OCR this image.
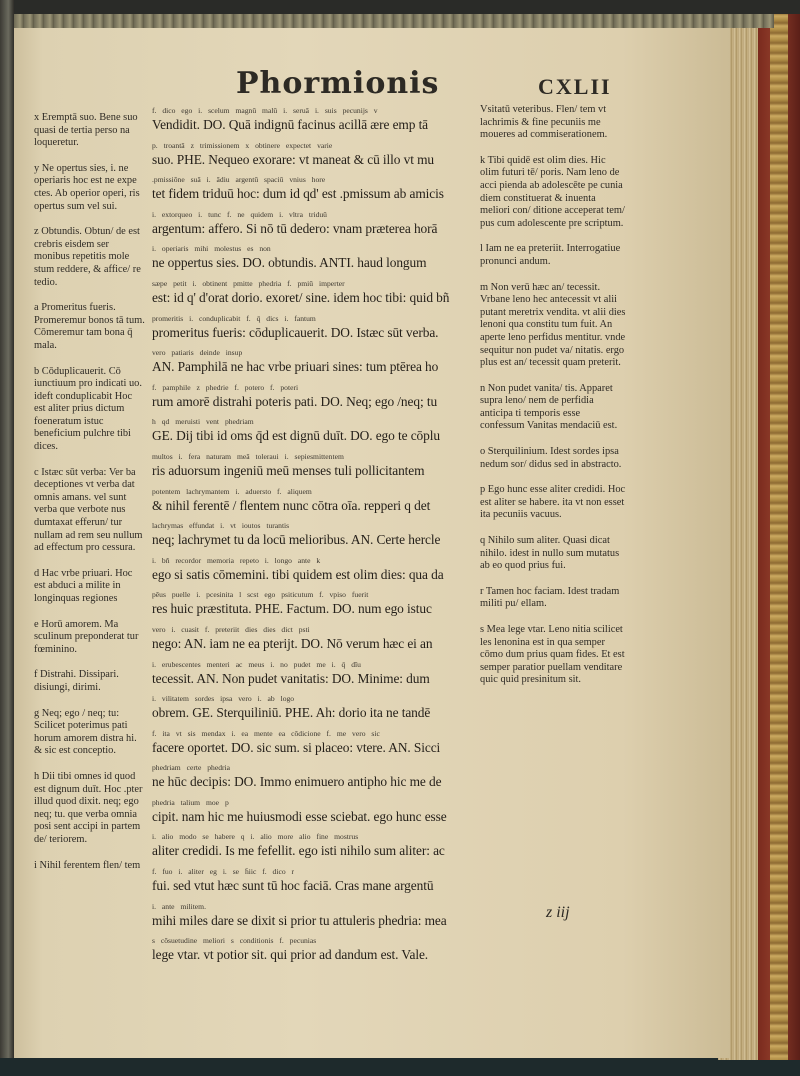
Phormionis	CXLII

x Eremptā suo. Bene suo quasi de tertia perso na loqueretur.

y Ne opertus sies, i. ne operiaris hoc est ne expe ctes. Ab operior operi, ris opertus sum vel sui.

z Obtundis. Obtun/ de est crebris eisdem ser monibus repetitis mole stum reddere, & affice/ re tedio.

a Promeritus fueris. Promeremur bonos tā tum. Cōmeremur tam bona q̄ mala.

b Cōduplicauerit. Cō iunctiuum pro indicati uo. ideft conduplicabit Hoc est aliter prius dictum foeneratum istuc beneficium pulchre tibi dices.

c Istæc sūt verba: Ver ba deceptiones vt verba dat omnis amans. vel sunt verba que verbote nus dumtaxat efferun/ tur nullam ad rem seu nullum ad effectum pro cessura.

d Hac vrbe priuari. Hoc est abduci a milite in longinquas regiones

e Horū amorem. Ma sculinum preponderat tur fœminino.

f Distrahi. Dissipari. disiungi, dirimi.

g Neq; ego / neq; tu: Scilicet poterimus pati horum amorem distra hi. & sic est conceptio.

h Dii tibi omnes id quod est dignum duīt. Hoc .pter illud quod dixit. neq; ego neq; tu. que verba omnia posi sent accipi in partem de/ teriorem.

i Nihil ferentem flen/ tem

f. dico ego i. scelum magnū malū i. seruā i. suis pecunijs v
Vendidit. DO. Quā indignū facinus acillā ære emp tā
p. troantā z trimissionem x obtinere expectet varie
suo. PHE. Nequeo exorare: vt maneat & cū illo vt mu
.pmissiōne suā i. ādiu argentū spaciū vnius hore
tet fidem triduū hoc: dum id qd' est .pmissum ab amicis
i. extorqueo i. tunc f. ne quidem i. vltra triduū
argentum: affero. Si nō tū dedero: vnam præterea horā
i. operiaris mihi molestus es non
ne oppertus sies. DO. obtundis. ANTI. haud longum
sæpe petit i. obtinent pmitte phedria f. pmiū imperter
est: id q' d'orat dorio. exoret/ sine. idem hoc tibi: quid bñ
promeritis i. conduplicabit f. q̄ dics i. fantum
promeritus fueris: cōduplicauerit. DO. Istæc sūt verba.
vero patiaris deinde insup
AN. Pamphilā ne hac vrbe priuari sines: tum ptērea ho
f. pamphile z phedrie f. potero f. poteri
rum amorē distrahi poteris pati. DO. Neq; ego /neq; tu
h qd meruisti vent phedriam
GE. Dij tibi id oms q̄d est dignū duīt. DO. ego te cōplu
multos i. fera naturam meā toleraui i. sepiesmittentem
ris aduorsum ingeniū meū menses tuli pollicitantem
potentem lachrymantem i. aduersto f. aliquem
& nihil ferentē / flentem nunc cōtra oīa. repperi q det
lachrymas effundat i. vt ioutos turantis
neq; lachrymet tu da locū melioribus. AN. Certe hercle
i. bñ recordor memoria repeto i. longo ante k
ego si satis cōmemini. tibi quidem est olim dies: qua da
pēus puelle i. pcesinita l scst ego psiticutum f. vpiso fuerit
res huic præstituta. PHE. Factum. DO. num ego istuc
vero i. cuasit f. preteriit dies dies dict psti
nego: AN. iam ne ea pterijt. DO. Nō verum hæc ei an
i. erubescentes menteri ac meus i. no pudet me i. q̄ dīu
tecessit. AN. Non pudet vanitatis: DO. Minime: dum
i. vilitatem sordes ipsa vero i. ab logo
obrem. GE. Sterquiliniū. PHE. Ah: dorio ita ne tandē
f. ita vt sis mendax i. ea mente ea cōdicione f. me vero sic
facere oportet. DO. sic sum. si placeo: vtere. AN. Sicci
phedriam certe phedria
ne hūc decipis: DO. Immo enimuero antipho hic me de
phedria talium moe p
cipit. nam hic me huiusmodi esse sciebat. ego hunc esse
i. alio modo se habere q i. alio more alio fine mostrus
aliter credidi. Is me fefellit. ego isti nihilo sum aliter: ac
f. fuo i. aliter eg i. se h̄iic f. dico r
fui. sed vtut hæc sunt tū hoc faciā. Cras mane argentū
i. ante militem.
mihi miles dare se dixit si prior tu attuleris phedria: mea
s cōsuetudine meliori s conditionis f. pecunias
lege vtar. vt potior sit. qui prior ad dandum est. Vale.

Vsitatū veteribus. Flen/ tem vt lachrimis & fine pecuniis me moueres ad commiserationem.

k Tibi quidē est olim dies. Hic olim futuri tē/ poris. Nam leno de acci pienda ab adolescēte pe cunia diem constituerat & inuenta meliori con/ ditione acceperat tem/ pus cum adolescente pre scriptum.

l Iam ne ea preteriit. Interrogatiue pronunci andum.

m Non verū hæc an/ tecessit. Vrbane leno hec antecessit vt alii putant meretrix vendita. vt alii dies lenoni qua constitu tum fuit. An aperte leno perfidus mentitur. vnde sequitur non pudet va/ nitatis. ergo plus est an/ tecessit quam preterit.

n Non pudet vanita/ tis. Apparet supra leno/ nem de perfidia anticipa ti temporis esse confessum Vanitas mendaciū est.

o Sterquilinium. Idest sordes ipsa nedum sor/ didus sed in abstracto.

p Ego hunc esse aliter credidi. Hoc est aliter se habere. ita vt non esset ita pecuniis vacuus.

q Nihilo sum aliter. Quasi dicat nihilo. idest in nullo sum mutatus ab eo quod prius fui.

r Tamen hoc faciam. Idest tradam militi pu/ ellam.

s Mea lege vtar. Leno nitia scilicet les lenonina est in qua semper cōmo dum prius quam fides. Et est semper paratior puellam venditare quic quid presinitum sit.

z iij
